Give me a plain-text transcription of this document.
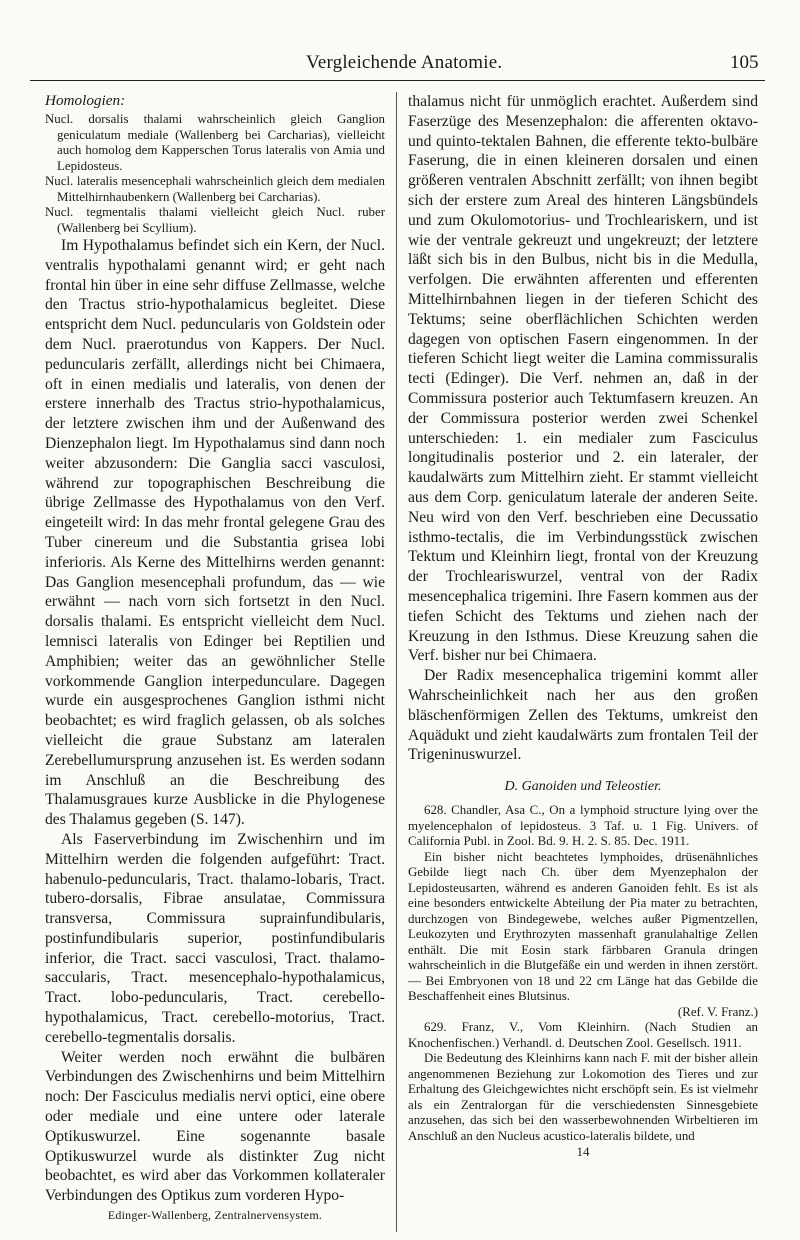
Vergleichende Anatomie.	105

Homologien:

Nucl. dorsalis thalami wahrscheinlich gleich Ganglion geniculatum mediale (Wallenberg bei Carcharias), vielleicht auch homolog dem Kapperschen Torus lateralis von Amia und Lepidosteus.

Nucl. lateralis mesencephali wahrscheinlich gleich dem medialen Mittelhirnhaubenkern (Wallenberg bei Carcharias).

Nucl. tegmentalis thalami vielleicht gleich Nucl. ruber (Wallenberg bei Scyllium).

Im Hypothalamus befindet sich ein Kern, der Nucl. ventralis hypothalami genannt wird; er geht nach frontal hin über in eine sehr diffuse Zellmasse, welche den Tractus strio-hypothalamicus begleitet. Diese entspricht dem Nucl. peduncularis von Goldstein oder dem Nucl. praerotundus von Kappers. Der Nucl. peduncularis zerfällt, allerdings nicht bei Chimaera, oft in einen medialis und lateralis, von denen der erstere innerhalb des Tractus strio-hypothalamicus, der letztere zwischen ihm und der Außenwand des Dienzephalon liegt. Im Hypothalamus sind dann noch weiter abzusondern: Die Ganglia sacci vasculosi, während zur topographischen Beschreibung die übrige Zellmasse des Hypothalamus von den Verf. eingeteilt wird: In das mehr frontal gelegene Grau des Tuber cinereum und die Substantia grisea lobi inferioris. Als Kerne des Mittelhirns werden genannt: Das Ganglion mesencephali profundum, das — wie erwähnt — nach vorn sich fortsetzt in den Nucl. dorsalis thalami. Es entspricht vielleicht dem Nucl. lemnisci lateralis von Edinger bei Reptilien und Amphibien; weiter das an gewöhnlicher Stelle vorkommende Ganglion interpedunculare. Dagegen wurde ein ausgesprochenes Ganglion isthmi nicht beobachtet; es wird fraglich gelassen, ob als solches vielleicht die graue Substanz am lateralen Zerebellumursprung anzusehen ist. Es werden sodann im Anschluß an die Beschreibung des Thalamusgraues kurze Ausblicke in die Phylogenese des Thalamus gegeben (S. 147).

Als Faserverbindung im Zwischenhirn und im Mittelhirn werden die folgenden aufgeführt: Tract. habenulo-peduncularis, Tract. thalamo-lobaris, Tract. tubero-dorsalis, Fibrae ansulatae, Commissura transversa, Commissura suprainfundibularis, postinfundibularis superior, postinfundibularis inferior, die Tract. sacci vasculosi, Tract. thalamo-saccularis, Tract. mesencephalo-hypothalamicus, Tract. lobo-peduncularis, Tract. cerebello-hypothalamicus, Tract. cerebello-motorius, Tract. cerebello-tegmentalis dorsalis.

Weiter werden noch erwähnt die bulbären Verbindungen des Zwischenhirns und beim Mittelhirn noch: Der Fasciculus medialis nervi optici, eine obere oder mediale und eine untere oder laterale Optikuswurzel. Eine sogenannte basale Optikuswurzel wurde als distinkter Zug nicht beobachtet, es wird aber das Vorkommen kollateraler Verbindungen des Optikus zum vorderen Hypo-

Edinger-Wallenberg, Zentralnervensystem.

thalamus nicht für unmöglich erachtet. Außerdem sind Faserzüge des Mesenzephalon: die afferenten oktavo- und quinto-tektalen Bahnen, die efferente tekto-bulbäre Faserung, die in einen kleineren dorsalen und einen größeren ventralen Abschnitt zerfällt; von ihnen begibt sich der erstere zum Areal des hinteren Längsbündels und zum Okulomotorius- und Trochleariskern, und ist wie der ventrale gekreuzt und ungekreuzt; der letztere läßt sich bis in den Bulbus, nicht bis in die Medulla, verfolgen. Die erwähnten afferenten und efferenten Mittelhirnbahnen liegen in der tieferen Schicht des Tektums; seine oberflächlichen Schichten werden dagegen von optischen Fasern eingenommen. In der tieferen Schicht liegt weiter die Lamina commissuralis tecti (Edinger). Die Verf. nehmen an, daß in der Commissura posterior auch Tektumfasern kreuzen. An der Commissura posterior werden zwei Schenkel unterschieden: 1. ein medialer zum Fasciculus longitudinalis posterior und 2. ein lateraler, der kaudalwärts zum Mittelhirn zieht. Er stammt vielleicht aus dem Corp. geniculatum laterale der anderen Seite. Neu wird von den Verf. beschrieben eine Decussatio isthmo-tectalis, die im Verbindungsstück zwischen Tektum und Kleinhirn liegt, frontal von der Kreuzung der Trochleariswurzel, ventral von der Radix mesencephalica trigemini. Ihre Fasern kommen aus der tiefen Schicht des Tektums und ziehen nach der Kreuzung in den Isthmus. Diese Kreuzung sahen die Verf. bisher nur bei Chimaera.

Der Radix mesencephalica trigemini kommt aller Wahrscheinlichkeit nach her aus den großen bläschenförmigen Zellen des Tektums, umkreist den Aquädukt und zieht kaudalwärts zum frontalen Teil der Trigeninuswurzel.

D. Ganoiden und Teleostier.

628. Chandler, Asa C., On a lymphoid structure lying over the myelencephalon of lepidosteus. 3 Taf. u. 1 Fig. Univers. of California Publ. in Zool. Bd. 9. H. 2. S. 85. Dec. 1911.

Ein bisher nicht beachtetes lymphoides, drüsenähnliches Gebilde liegt nach Ch. über dem Myenzephalon der Lepidosteusarten, während es anderen Ganoiden fehlt. Es ist als eine besonders entwickelte Abteilung der Pia mater zu betrachten, durchzogen von Bindegewebe, welches außer Pigmentzellen, Leukozyten und Erythrozyten massenhaft granulahaltige Zellen enthält. Die mit Eosin stark färbbaren Granula dringen wahrscheinlich in die Blutgefäße ein und werden in ihnen zerstört. — Bei Embryonen von 18 und 22 cm Länge hat das Gebilde die Beschaffenheit eines Blutsinus.

(Ref. V. Franz.)

629. Franz, V., Vom Kleinhirn. (Nach Studien an Knochenfischen.) Verhandl. d. Deutschen Zool. Gesellsch. 1911.

Die Bedeutung des Kleinhirns kann nach F. mit der bisher allein angenommenen Beziehung zur Lokomotion des Tieres und zur Erhaltung des Gleichgewichtes nicht erschöpft sein. Es ist vielmehr als ein Zentralorgan für die verschiedensten Sinnesgebiete anzusehen, das sich bei den wasserbewohnenden Wirbeltieren im Anschluß an den Nucleus acustico-lateralis bildete, und

14
